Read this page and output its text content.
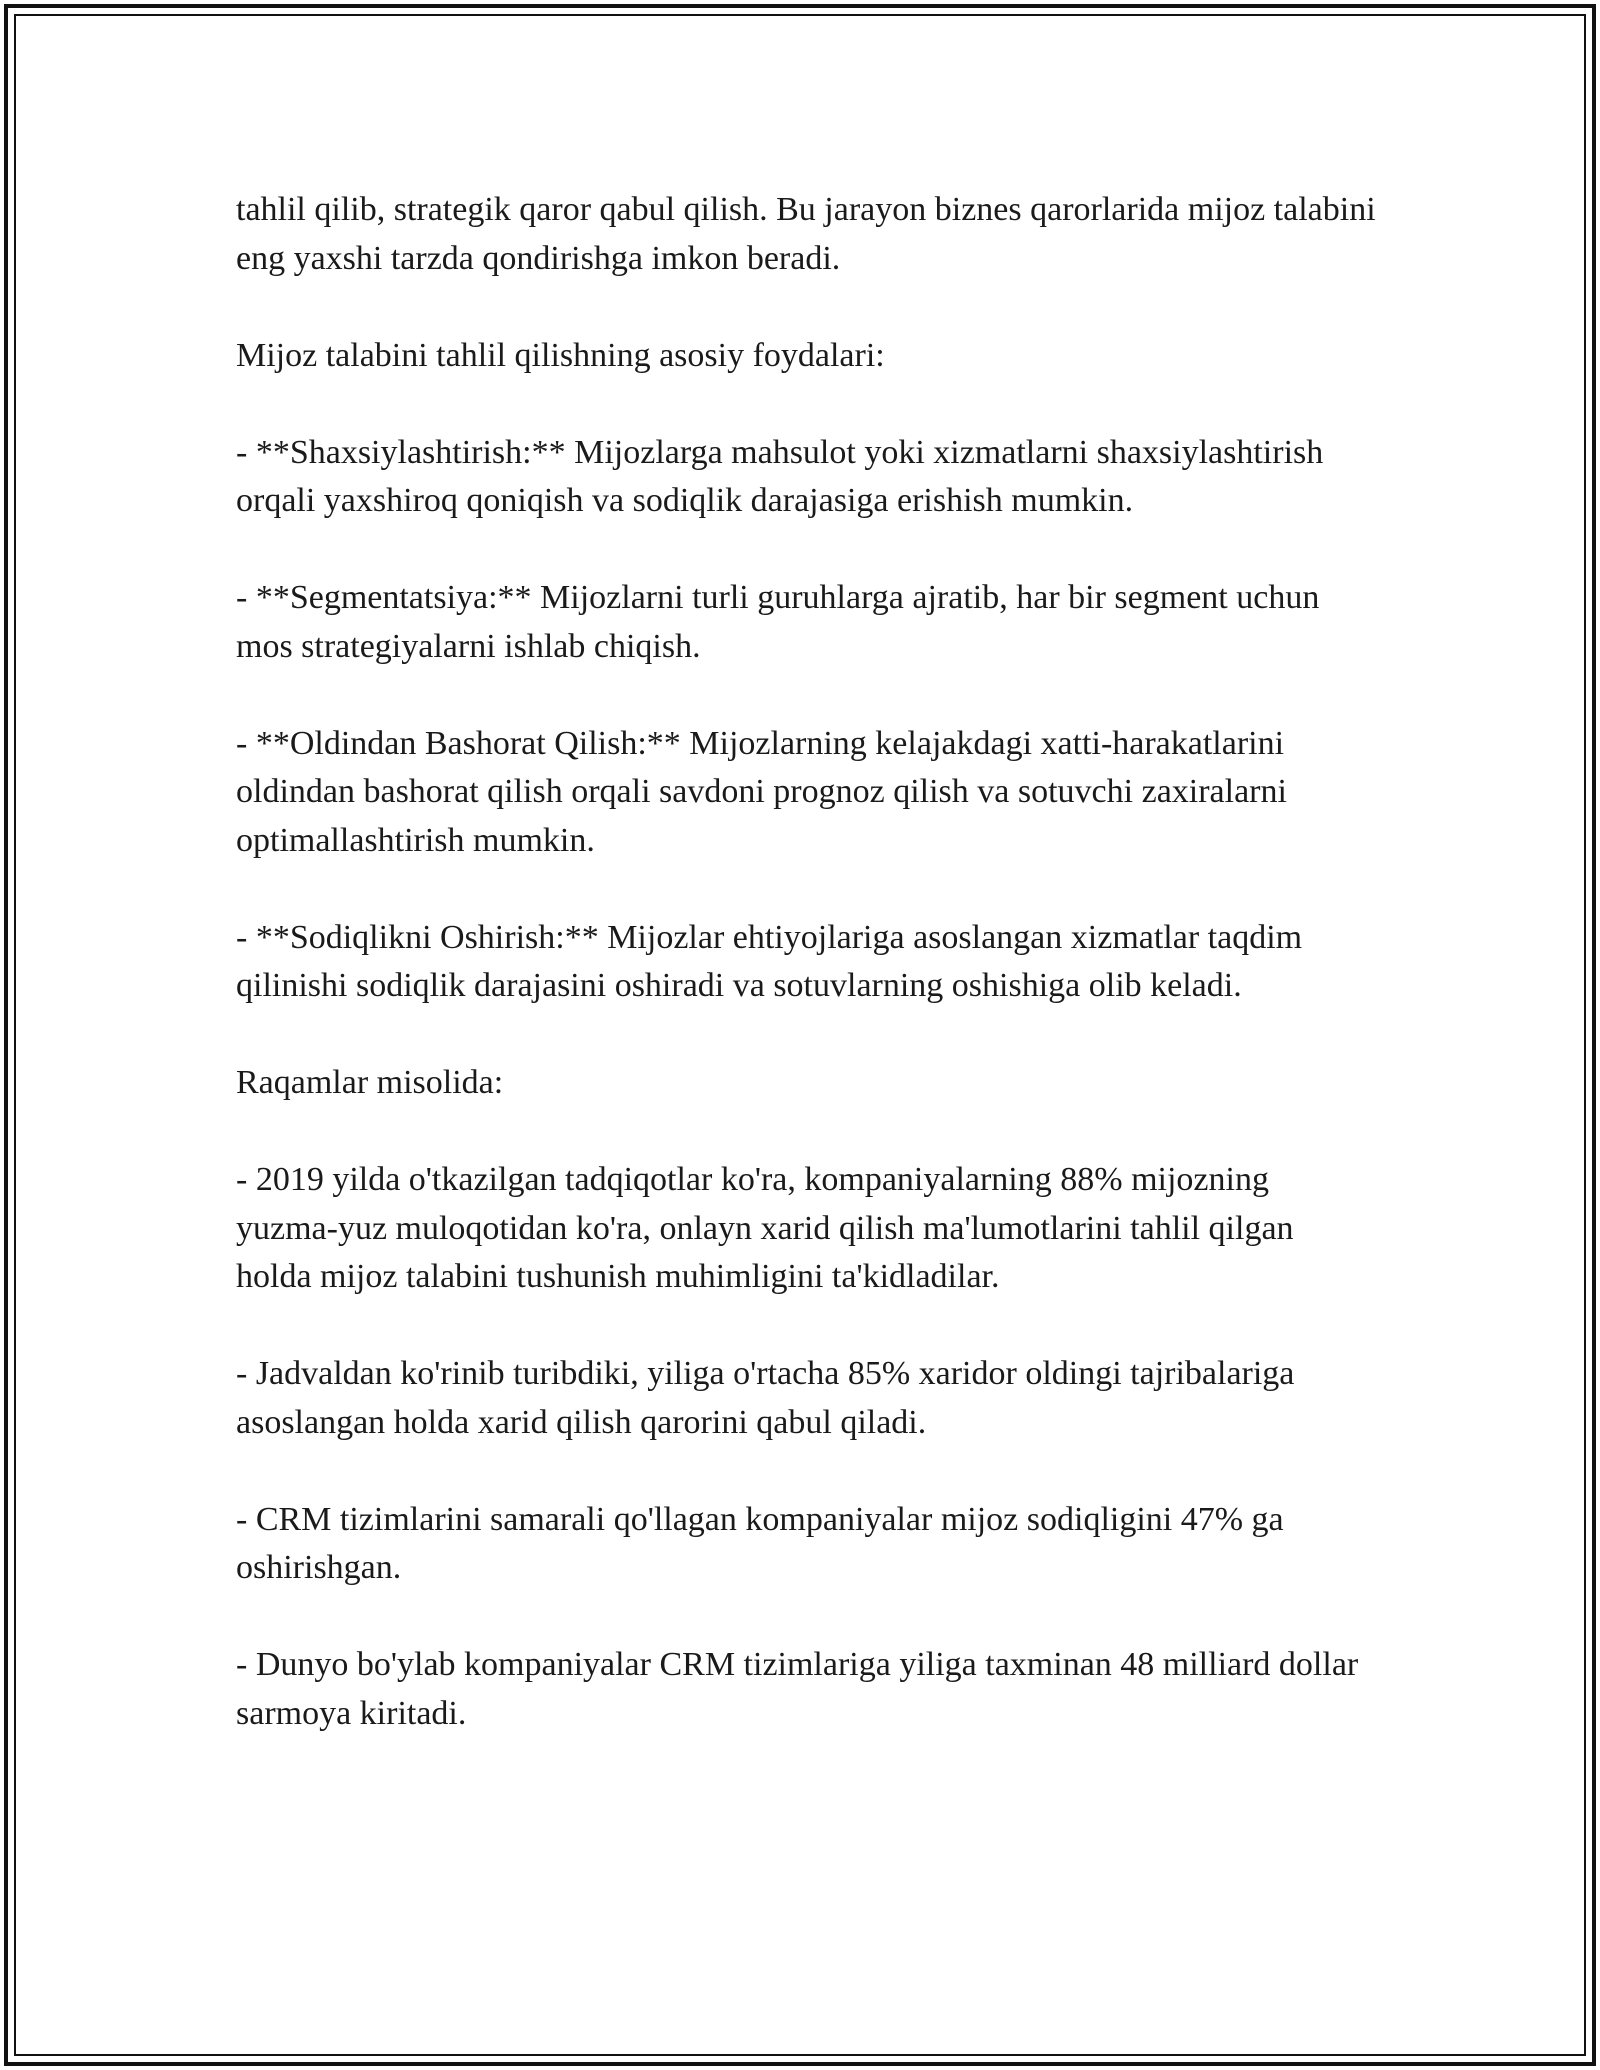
tahlil qilib, strategik qaror qabul qilish. Bu jarayon biznes qarorlarida mijoz talabini eng yaxshi tarzda qondirishga imkon beradi.

Mijoz talabini tahlil qilishning asosiy foydalari:

- **Shaxsiylashtirish:** Mijozlarga mahsulot yoki xizmatlarni shaxsiylashtirish orqali yaxshiroq qoniqish va sodiqlik darajasiga erishish mumkin.

- **Segmentatsiya:** Mijozlarni turli guruhlarga ajratib, har bir segment uchun mos strategiyalarni ishlab chiqish.

- **Oldindan Bashorat Qilish:** Mijozlarning kelajakdagi xatti-harakatlarini oldindan bashorat qilish orqali savdoni prognoz qilish va sotuvchi zaxiralarni optimallashtirish mumkin.

- **Sodiqlikni Oshirish:** Mijozlar ehtiyojlariga asoslangan xizmatlar taqdim qilinishi sodiqlik darajasini oshiradi va sotuvlarning oshishiga olib keladi.

Raqamlar misolida:

- 2019 yilda o'tkazilgan tadqiqotlar ko'ra, kompaniyalarning 88% mijozning yuzma-yuz muloqotidan ko'ra, onlayn xarid qilish ma'lumotlarini tahlil qilgan holda mijoz talabini tushunish muhimligini ta'kidladilar.

- Jadvaldan ko'rinib turibdiki, yiliga o'rtacha 85% xaridor oldingi tajribalariga asoslangan holda xarid qilish qarorini qabul qiladi.

- CRM tizimlarini samarali qo'llagan kompaniyalar mijoz sodiqligini 47% ga oshirishgan.

- Dunyo bo'ylab kompaniyalar CRM tizimlariga yiliga taxminan 48 milliard dollar sarmoya kiritadi.
